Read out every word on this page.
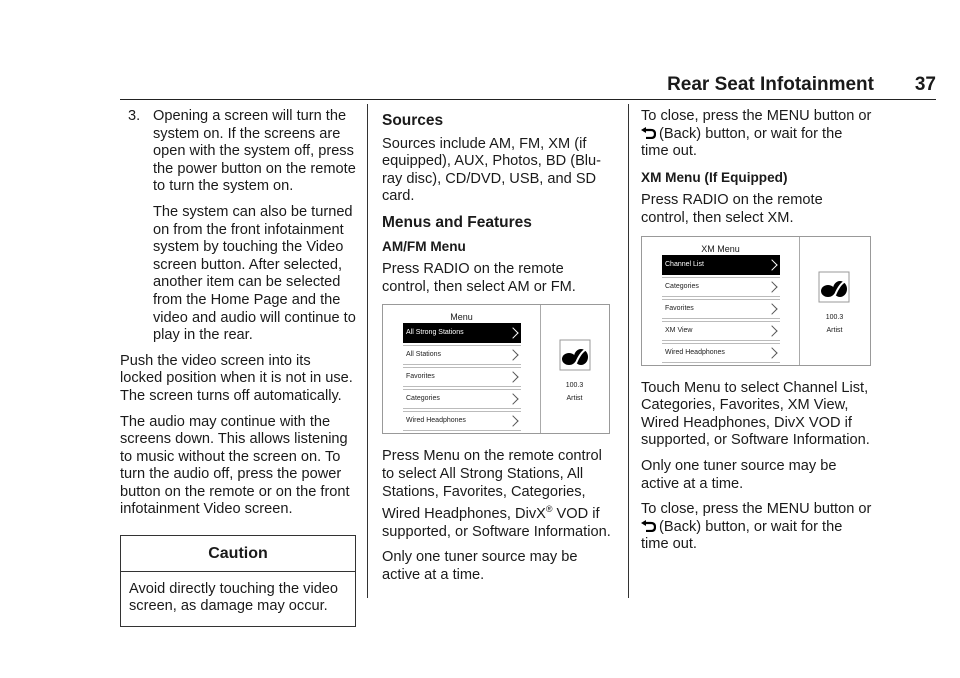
Rear Seat Infotainment 37
3. Opening a screen will turn the system on. If the screens are open with the system off, press the power button on the remote to turn the system on.

The system can also be turned on from the front infotainment system by touching the Video screen button. After selected, another item can be selected from the Home Page and the video and audio will continue to play in the rear.

Push the video screen into its locked position when it is not in use. The screen turns off automatically.

The audio may continue with the screens down. This allows listening to music without the screen on. To turn the audio off, press the power button on the remote or on the front infotainment Video screen.

Caution
Avoid directly touching the video screen, as damage may occur.
Sources

Sources include AM, FM, XM (if equipped), AUX, Photos, BD (Blu-ray disc), CD/DVD, USB, and SD card.

Menus and Features
AM/FM Menu

Press RADIO on the remote control, then select AM or FM.

Menu
All Strong Stations
All Stations
Favorites
Categories
Wired Headphones
100.3
Artist

Press Menu on the remote control to select All Strong Stations, All Stations, Favorites, Categories, Wired Headphones, DivX® VOD if supported, or Software Information.

Only one tuner source may be active at a time.

To close, press the MENU button or
(Back) button, or wait for the time out.

XM Menu (If Equipped)

Press RADIO on the remote control, then select XM.

XM Menu
Channel List
Categories
Favorites
XM View
Wired Headphones
100.3
Artist

Touch Menu to select Channel List, Categories, Favorites, XM View, Wired Headphones, DivX VOD if supported, or Software Information.

Only one tuner source may be active at a time.

To close, press the MENU button or
(Back) button, or wait for the time out.
